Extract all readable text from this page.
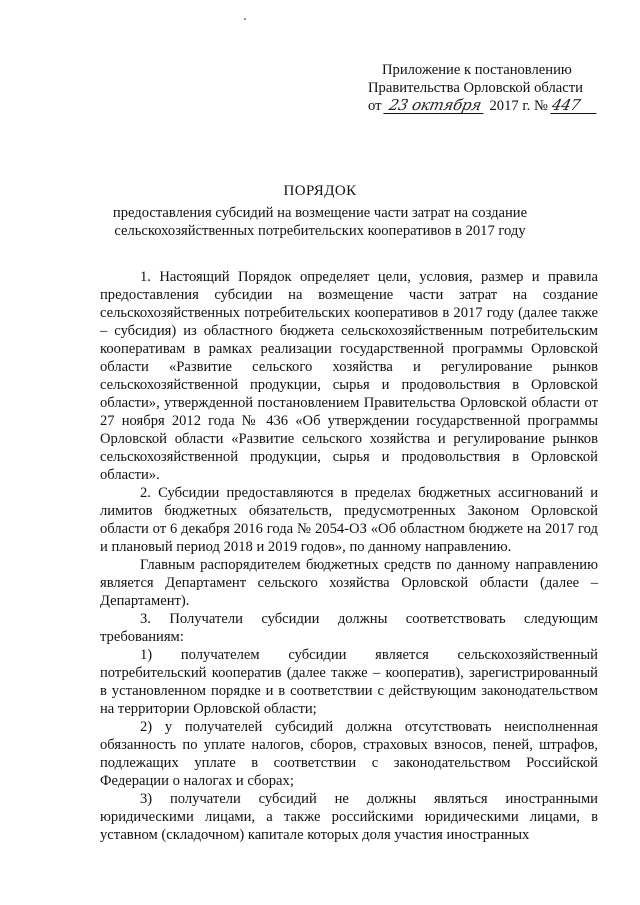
Приложение к постановлению
Правительства Орловской области
от 23 октября 2017 г. № 447
ПОРЯДОК
предоставления субсидий на возмещение части затрат на создание сельскохозяйственных потребительских кооперативов в 2017 году

1. Настоящий Порядок определяет цели, условия, размер и правила предоставления субсидии на возмещение части затрат на создание сельскохозяйственных потребительских кооперативов в 2017 году (далее также – субсидия) из областного бюджета сельскохозяйственным потребительским кооперативам в рамках реализации государственной программы Орловской области «Развитие сельского хозяйства и регулирование рынков сельскохозяйственной продукции, сырья и продовольствия в Орловской области», утвержденной постановлением Правительства Орловской области от 27 ноября 2012 года № 436 «Об утверждении государственной программы Орловской области «Развитие сельского хозяйства и регулирование рынков сельскохозяйственной продукции, сырья и продовольствия в Орловской области».

2. Субсидии предоставляются в пределах бюджетных ассигнований и лимитов бюджетных обязательств, предусмотренных Законом Орловской области от 6 декабря 2016 года № 2054-ОЗ «Об областном бюджете на 2017 год и плановый период 2018 и 2019 годов», по данному направлению.

Главным распорядителем бюджетных средств по данному направлению является Департамент сельского хозяйства Орловской области (далее – Департамент).

3. Получатели субсидии должны соответствовать следующим требованиям:

1) получателем субсидии является сельскохозяйственный потребительский кооператив (далее также – кооператив), зарегистрированный в установленном порядке и в соответствии с действующим законодательством на территории Орловской области;

2) у получателей субсидий должна отсутствовать неисполненная обязанность по уплате налогов, сборов, страховых взносов, пеней, штрафов, подлежащих уплате в соответствии с законодательством Российской Федерации о налогах и сборах;

3) получатели субсидий не должны являться иностранными юридическими лицами, а также российскими юридическими лицами, в уставном (складочном) капитале которых доля участия иностранных
